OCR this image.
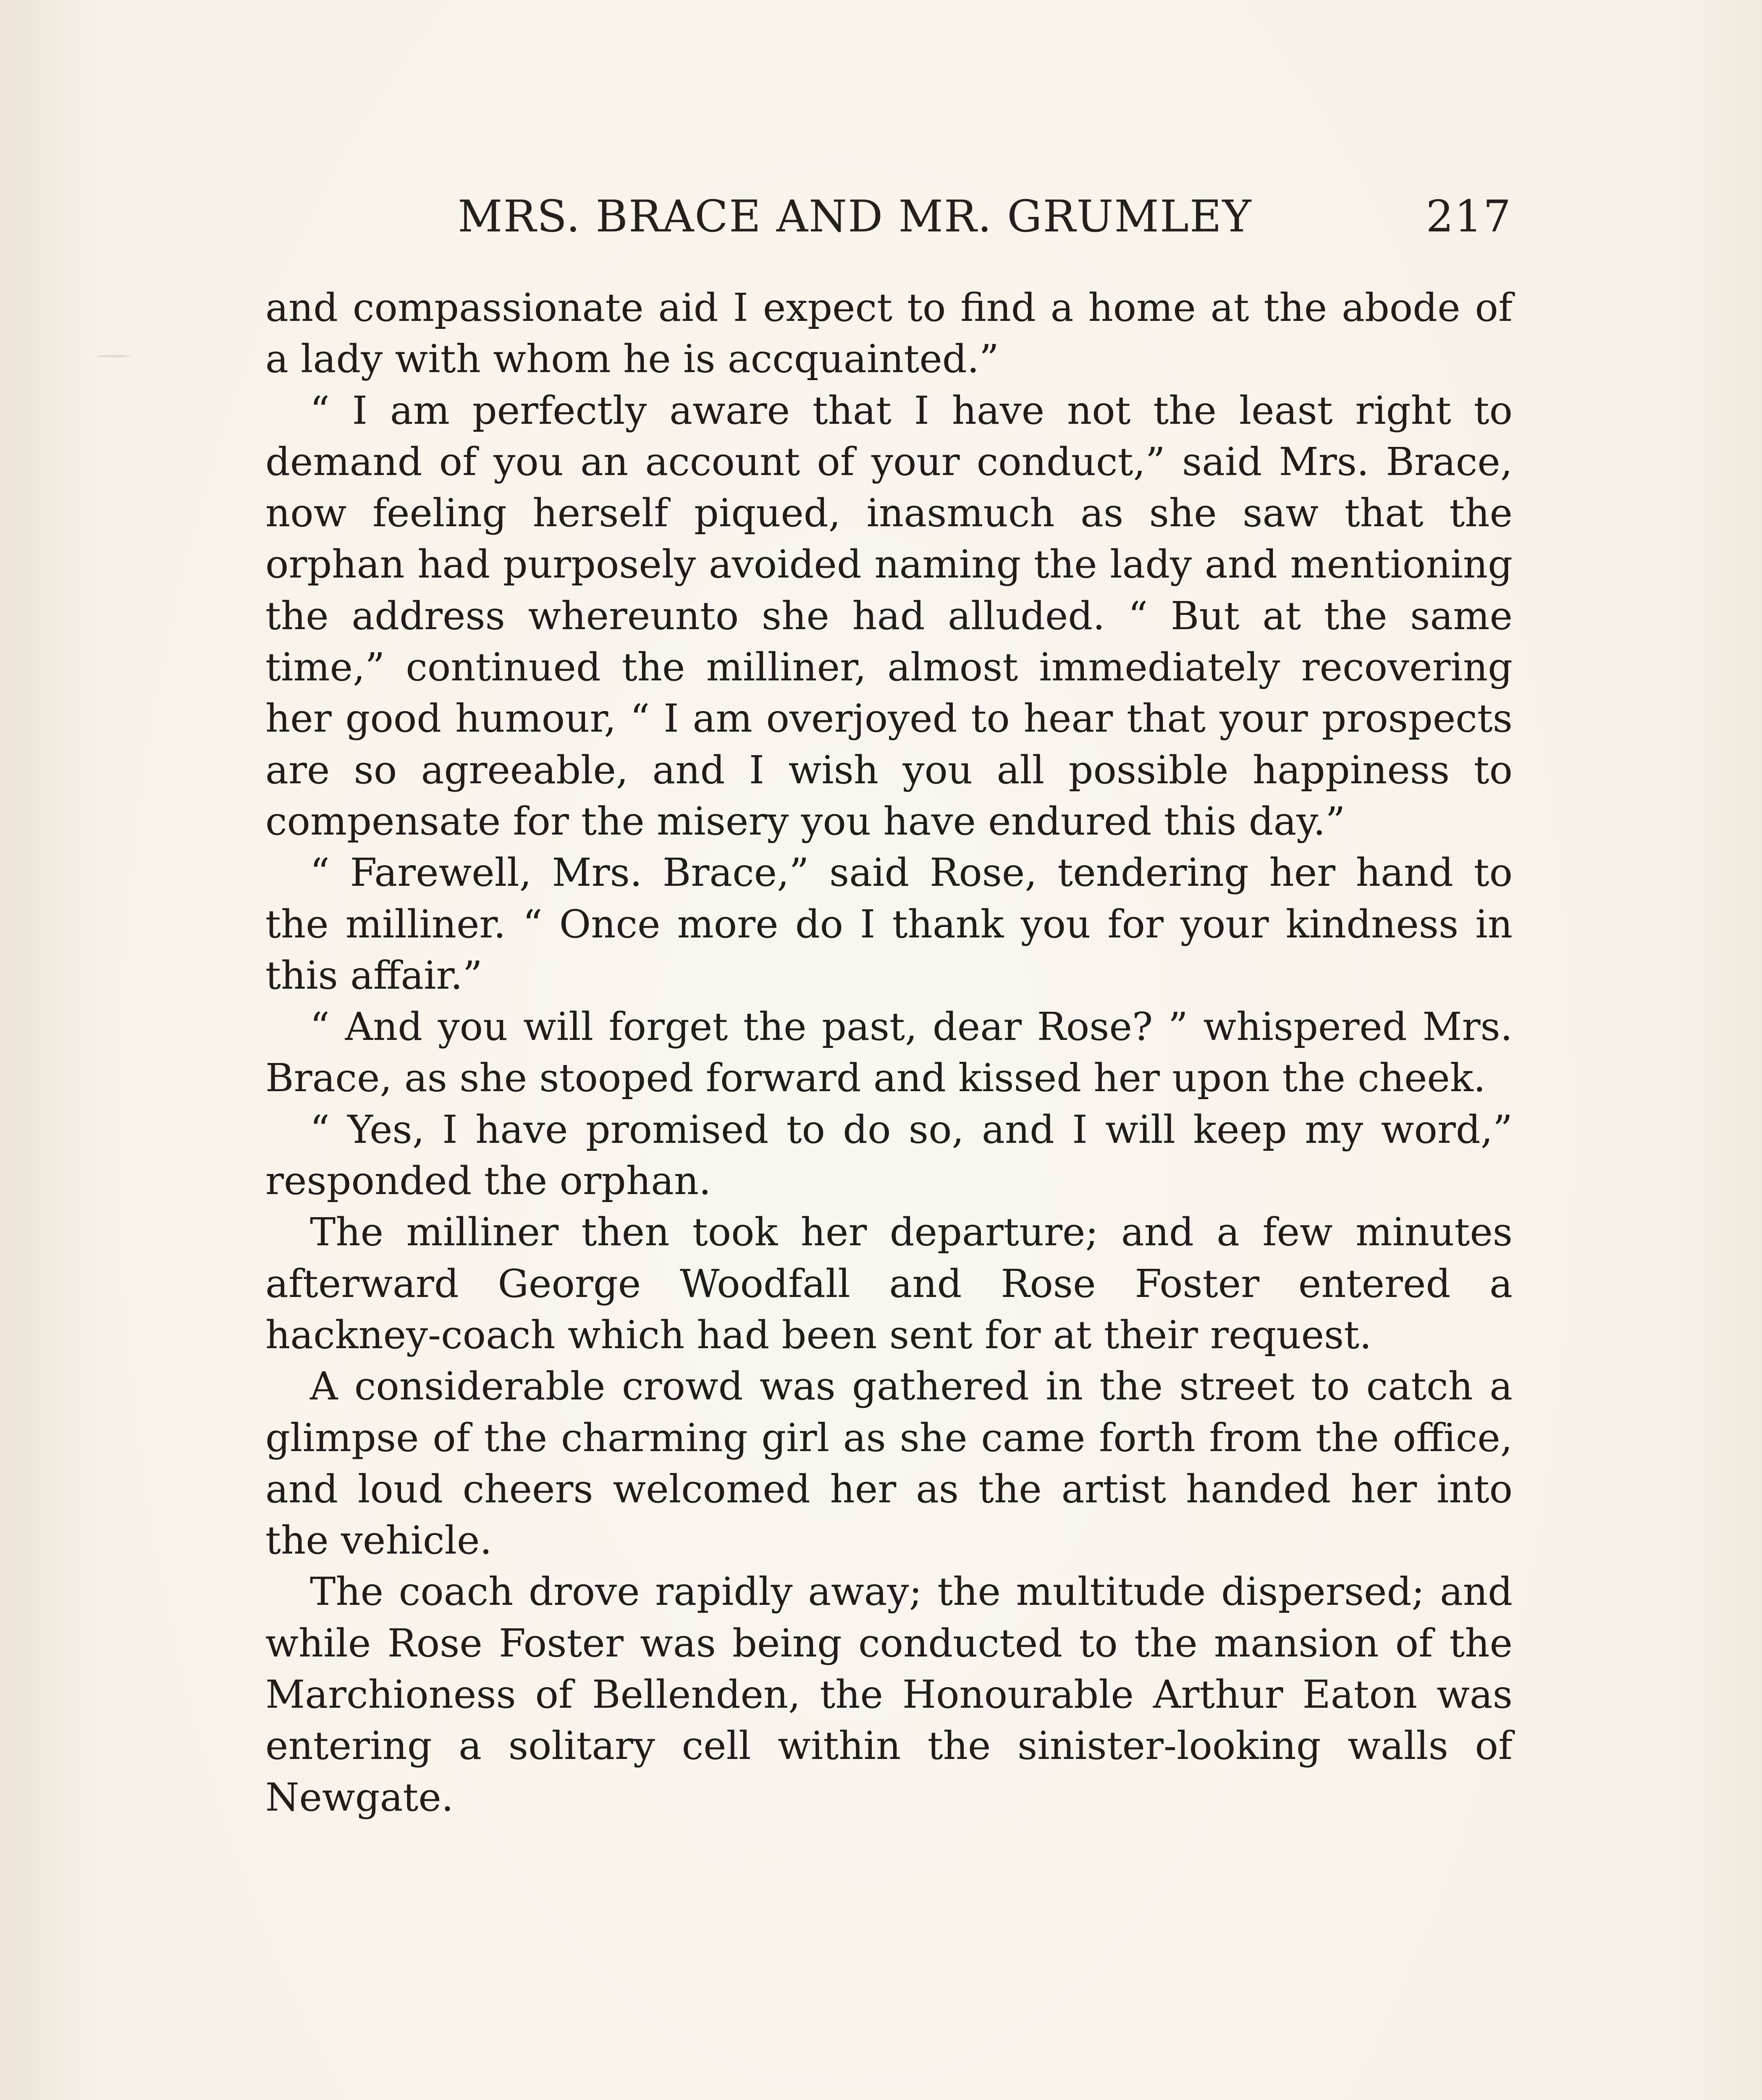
MRS. BRACE AND MR. GRUMLEY	217

and compassionate aid I expect to find a home at the abode of a lady with whom he is accquainted.”

“ I am perfectly aware that I have not the least right to demand of you an account of your conduct,” said Mrs. Brace, now feeling herself piqued, inasmuch as she saw that the orphan had purposely avoided naming the lady and mentioning the address whereunto she had alluded. “ But at the same time,” continued the milliner, almost immediately recovering her good humour, “ I am overjoyed to hear that your prospects are so agreeable, and I wish you all possible happiness to compensate for the misery you have endured this day.”

“ Farewell, Mrs. Brace,” said Rose, tendering her hand to the milliner. “ Once more do I thank you for your kindness in this affair.”

“ And you will forget the past, dear Rose? ” whispered Mrs. Brace, as she stooped forward and kissed her upon the cheek.

“ Yes, I have promised to do so, and I will keep my word,” responded the orphan.

The milliner then took her departure; and a few minutes afterward George Woodfall and Rose Foster entered a hackney-coach which had been sent for at their request.

A considerable crowd was gathered in the street to catch a glimpse of the charming girl as she came forth from the office, and loud cheers welcomed her as the artist handed her into the vehicle.

The coach drove rapidly away; the multitude dispersed; and while Rose Foster was being conducted to the mansion of the Marchioness of Bellenden, the Honourable Arthur Eaton was entering a solitary cell within the sinister-looking walls of Newgate.
